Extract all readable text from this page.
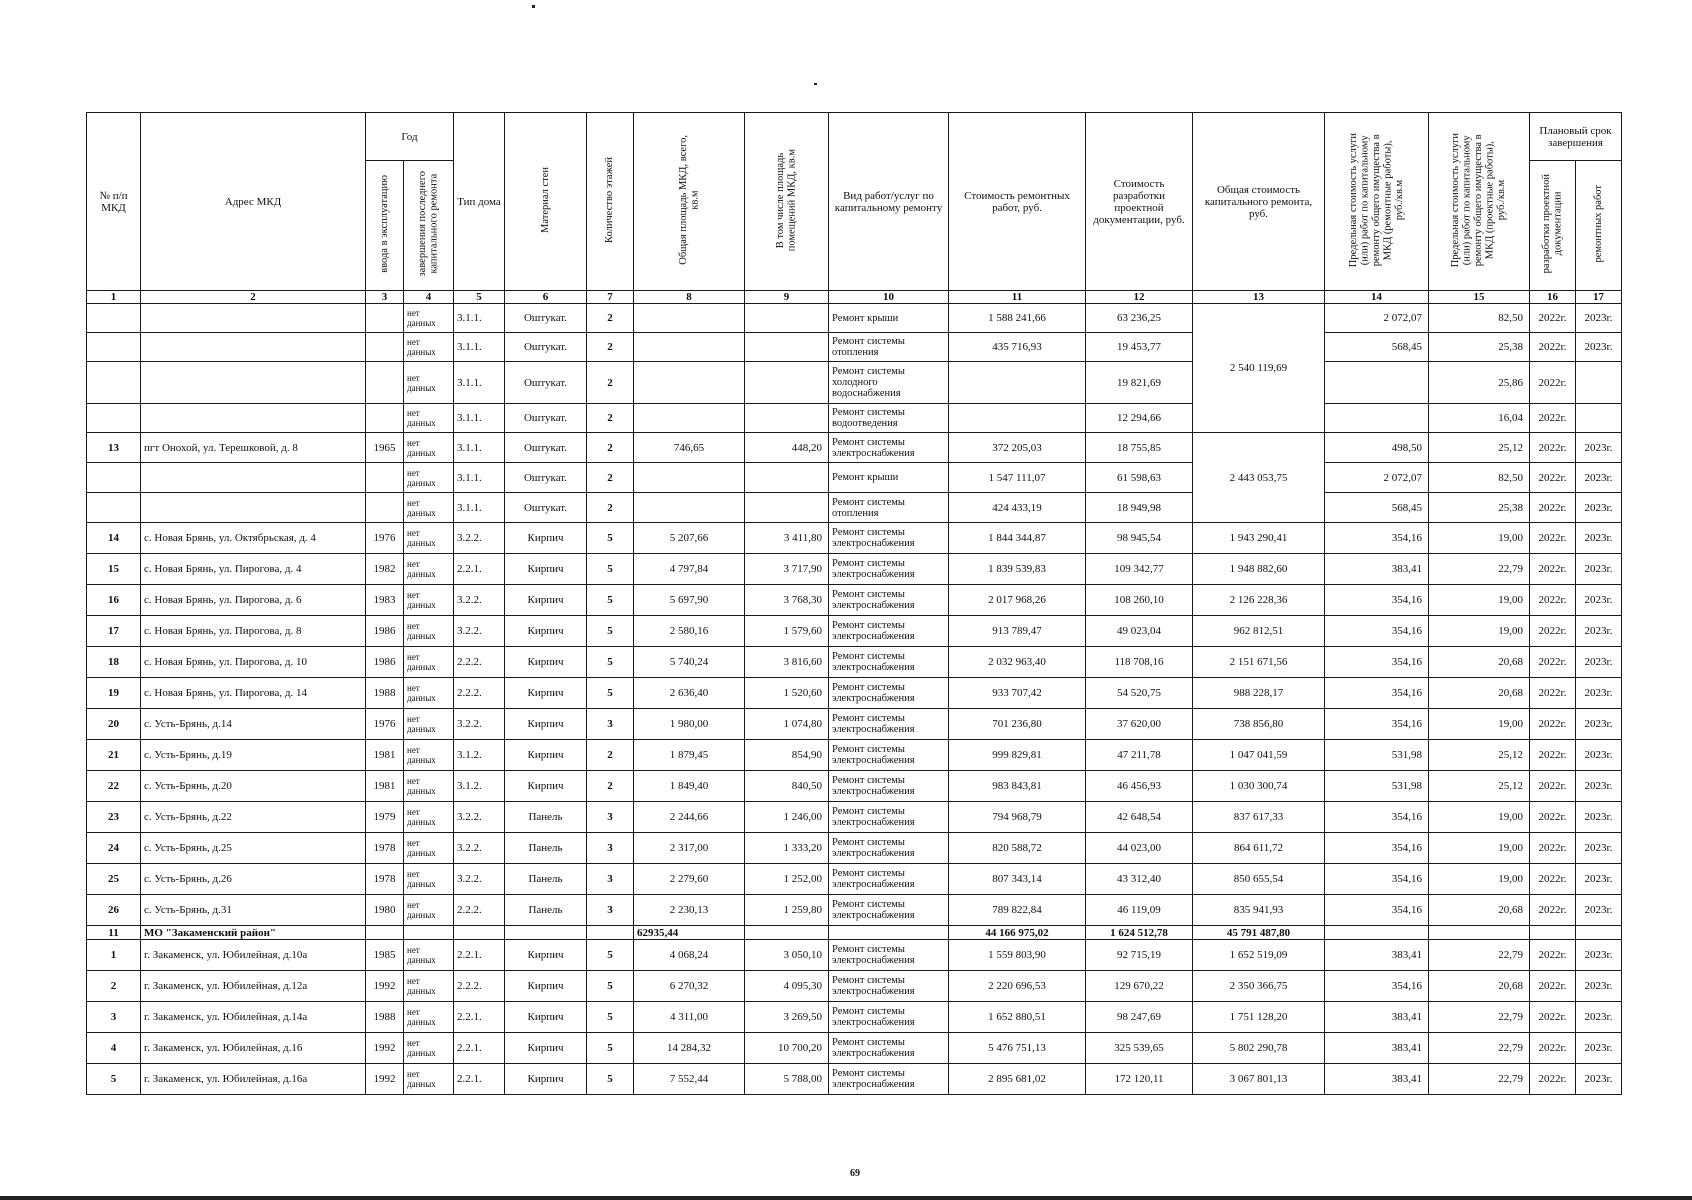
№ п/п МКД	Адрес МКД	Год		Тип дома	Материал стен	Количество этажей	Общая площадь МКД, всего,
кв.м	В том числе площадь
помещений МКД, кв.м	Вид работ/услуг по капитальному ремонту	Стоимость ремонтных работ, руб.	Стоимость разработки проектной документации, руб.	Общая стоимость капитального ремонта, руб.	Предельная стоимость услуги
(или) работ по капитальному
ремонту общего имущества в
МКД (ремонтные работы),
руб./кв.м	Предельная стоимость услуги
(или) работ по капитальному
ремонту общего имущества в
МКД (проектные работы),
руб./кв.м	Плановый срок завершения	
		ввода в эксплуатацию	завершения последнего
капитального ремонта												разработки проектной
документации	ремонтных работ
1	2	3	4	5	6	7	8	9	10	11	12	13	14	15	16	17

			нет данных	3.1.1.	Оштукат.	2			Ремонт крыши	1 588 241,66	63 236,25	2 540 119,69	2 072,07	82,50	2022г.	2023г.

			нет данных	3.1.1.	Оштукат.	2			Ремонт системы отопления	435 716,93	19 453,77		568,45	25,38	2022г.	2023г.

			нет данных	3.1.1.	Оштукат.	2			Ремонт системы холодного водоснабжения		19 821,69			25,86	2022г.	

			нет данных	3.1.1.	Оштукат.	2			Ремонт системы водоотведения		12 294,66			16,04	2022г.	
13	пгт Онохой, ул. Терешковой, д. 8	1965	нет данных	3.1.1.	Оштукат.	2	746,65	448,20	Ремонт системы электроснабжения	372 205,03	18 755,85	2 443 053,75	498,50	25,12	2022г.	2023г.

			нет данных	3.1.1.	Оштукат.	2			Ремонт крыши	1 547 111,07	61 598,63		2 072,07	82,50	2022г.	2023г.

			нет данных	3.1.1.	Оштукат.	2			Ремонт системы отопления	424 433,19	18 949,98		568,45	25,38	2022г.	2023г.
14	с. Новая Брянь, ул. Октябрьская, д. 4	1976	нет данных	3.2.2.	Кирпич	5	5 207,66	3 411,80	Ремонт системы электроснабжения	1 844 344,87	98 945,54	1 943 290,41	354,16	19,00	2022г.	2023г.
15	с. Новая Брянь, ул. Пирогова, д. 4	1982	нет данных	2.2.1.	Кирпич	5	4 797,84	3 717,90	Ремонт системы электроснабжения	1 839 539,83	109 342,77	1 948 882,60	383,41	22,79	2022г.	2023г.
16	с. Новая Брянь, ул. Пирогова, д. 6	1983	нет данных	3.2.2.	Кирпич	5	5 697,90	3 768,30	Ремонт системы электроснабжения	2 017 968,26	108 260,10	2 126 228,36	354,16	19,00	2022г.	2023г.
17	с. Новая Брянь, ул. Пирогова, д. 8	1986	нет данных	3.2.2.	Кирпич	5	2 580,16	1 579,60	Ремонт системы электроснабжения	913 789,47	49 023,04	962 812,51	354,16	19,00	2022г.	2023г.
18	с. Новая Брянь, ул. Пирогова, д. 10	1986	нет данных	2.2.2.	Кирпич	5	5 740,24	3 816,60	Ремонт системы электроснабжения	2 032 963,40	118 708,16	2 151 671,56	354,16	20,68	2022г.	2023г.
19	с. Новая Брянь, ул. Пирогова, д. 14	1988	нет данных	2.2.2.	Кирпич	5	2 636,40	1 520,60	Ремонт системы электроснабжения	933 707,42	54 520,75	988 228,17	354,16	20,68	2022г.	2023г.
20	с. Усть-Брянь, д.14	1976	нет данных	3.2.2.	Кирпич	3	1 980,00	1 074,80	Ремонт системы электроснабжения	701 236,80	37 620,00	738 856,80	354,16	19,00	2022г.	2023г.
21	с. Усть-Брянь, д.19	1981	нет данных	3.1.2.	Кирпич	2	1 879,45	854,90	Ремонт системы электроснабжения	999 829,81	47 211,78	1 047 041,59	531,98	25,12	2022г.	2023г.
22	с. Усть-Брянь, д.20	1981	нет данных	3.1.2.	Кирпич	2	1 849,40	840,50	Ремонт системы электроснабжения	983 843,81	46 456,93	1 030 300,74	531,98	25,12	2022г.	2023г.
23	с. Усть-Брянь, д.22	1979	нет данных	3.2.2.	Панель	3	2 244,66	1 246,00	Ремонт системы электроснабжения	794 968,79	42 648,54	837 617,33	354,16	19,00	2022г.	2023г.
24	с. Усть-Брянь, д.25	1978	нет данных	3.2.2.	Панель	3	2 317,00	1 333,20	Ремонт системы электроснабжения	820 588,72	44 023,00	864 611,72	354,16	19,00	2022г.	2023г.
25	с. Усть-Брянь, д.26	1978	нет данных	3.2.2.	Панель	3	2 279,60	1 252,00	Ремонт системы электроснабжения	807 343,14	43 312,40	850 655,54	354,16	19,00	2022г.	2023г.
26	с. Усть-Брянь, д.31	1980	нет данных	2.2.2.	Панель	3	2 230,13	1 259,80	Ремонт системы электроснабжения	789 822,84	46 119,09	835 941,93	354,16	20,68	2022г.	2023г.
11	МО "Закаменский район"						62935,44			44 166 975,02	1 624 512,78	45 791 487,80				
1	г. Закаменск, ул. Юбилейная, д.10а	1985	нет данных	2.2.1.	Кирпич	5	4 068,24	3 050,10	Ремонт системы электроснабжения	1 559 803,90	92 715,19	1 652 519,09	383,41	22,79	2022г.	2023г.
2	г. Закаменск, ул. Юбилейная, д.12а	1992	нет данных	2.2.2.	Кирпич	5	6 270,32	4 095,30	Ремонт системы электроснабжения	2 220 696,53	129 670,22	2 350 366,75	354,16	20,68	2022г.	2023г.
3	г. Закаменск, ул. Юбилейная, д.14а	1988	нет данных	2.2.1.	Кирпич	5	4 311,00	3 269,50	Ремонт системы электроснабжения	1 652 880,51	98 247,69	1 751 128,20	383,41	22,79	2022г.	2023г.
4	г. Закаменск, ул. Юбилейная, д.16	1992	нет данных	2.2.1.	Кирпич	5	14 284,32	10 700,20	Ремонт системы электроснабжения	5 476 751,13	325 539,65	5 802 290,78	383,41	22,79	2022г.	2023г.
5	г. Закаменск, ул. Юбилейная, д.16а	1992	нет данных	2.2.1.	Кирпич	5	7 552,44	5 788,00	Ремонт системы электроснабжения	2 895 681,02	172 120,11	3 067 801,13	383,41	22,79	2022г.	2023г.
69
